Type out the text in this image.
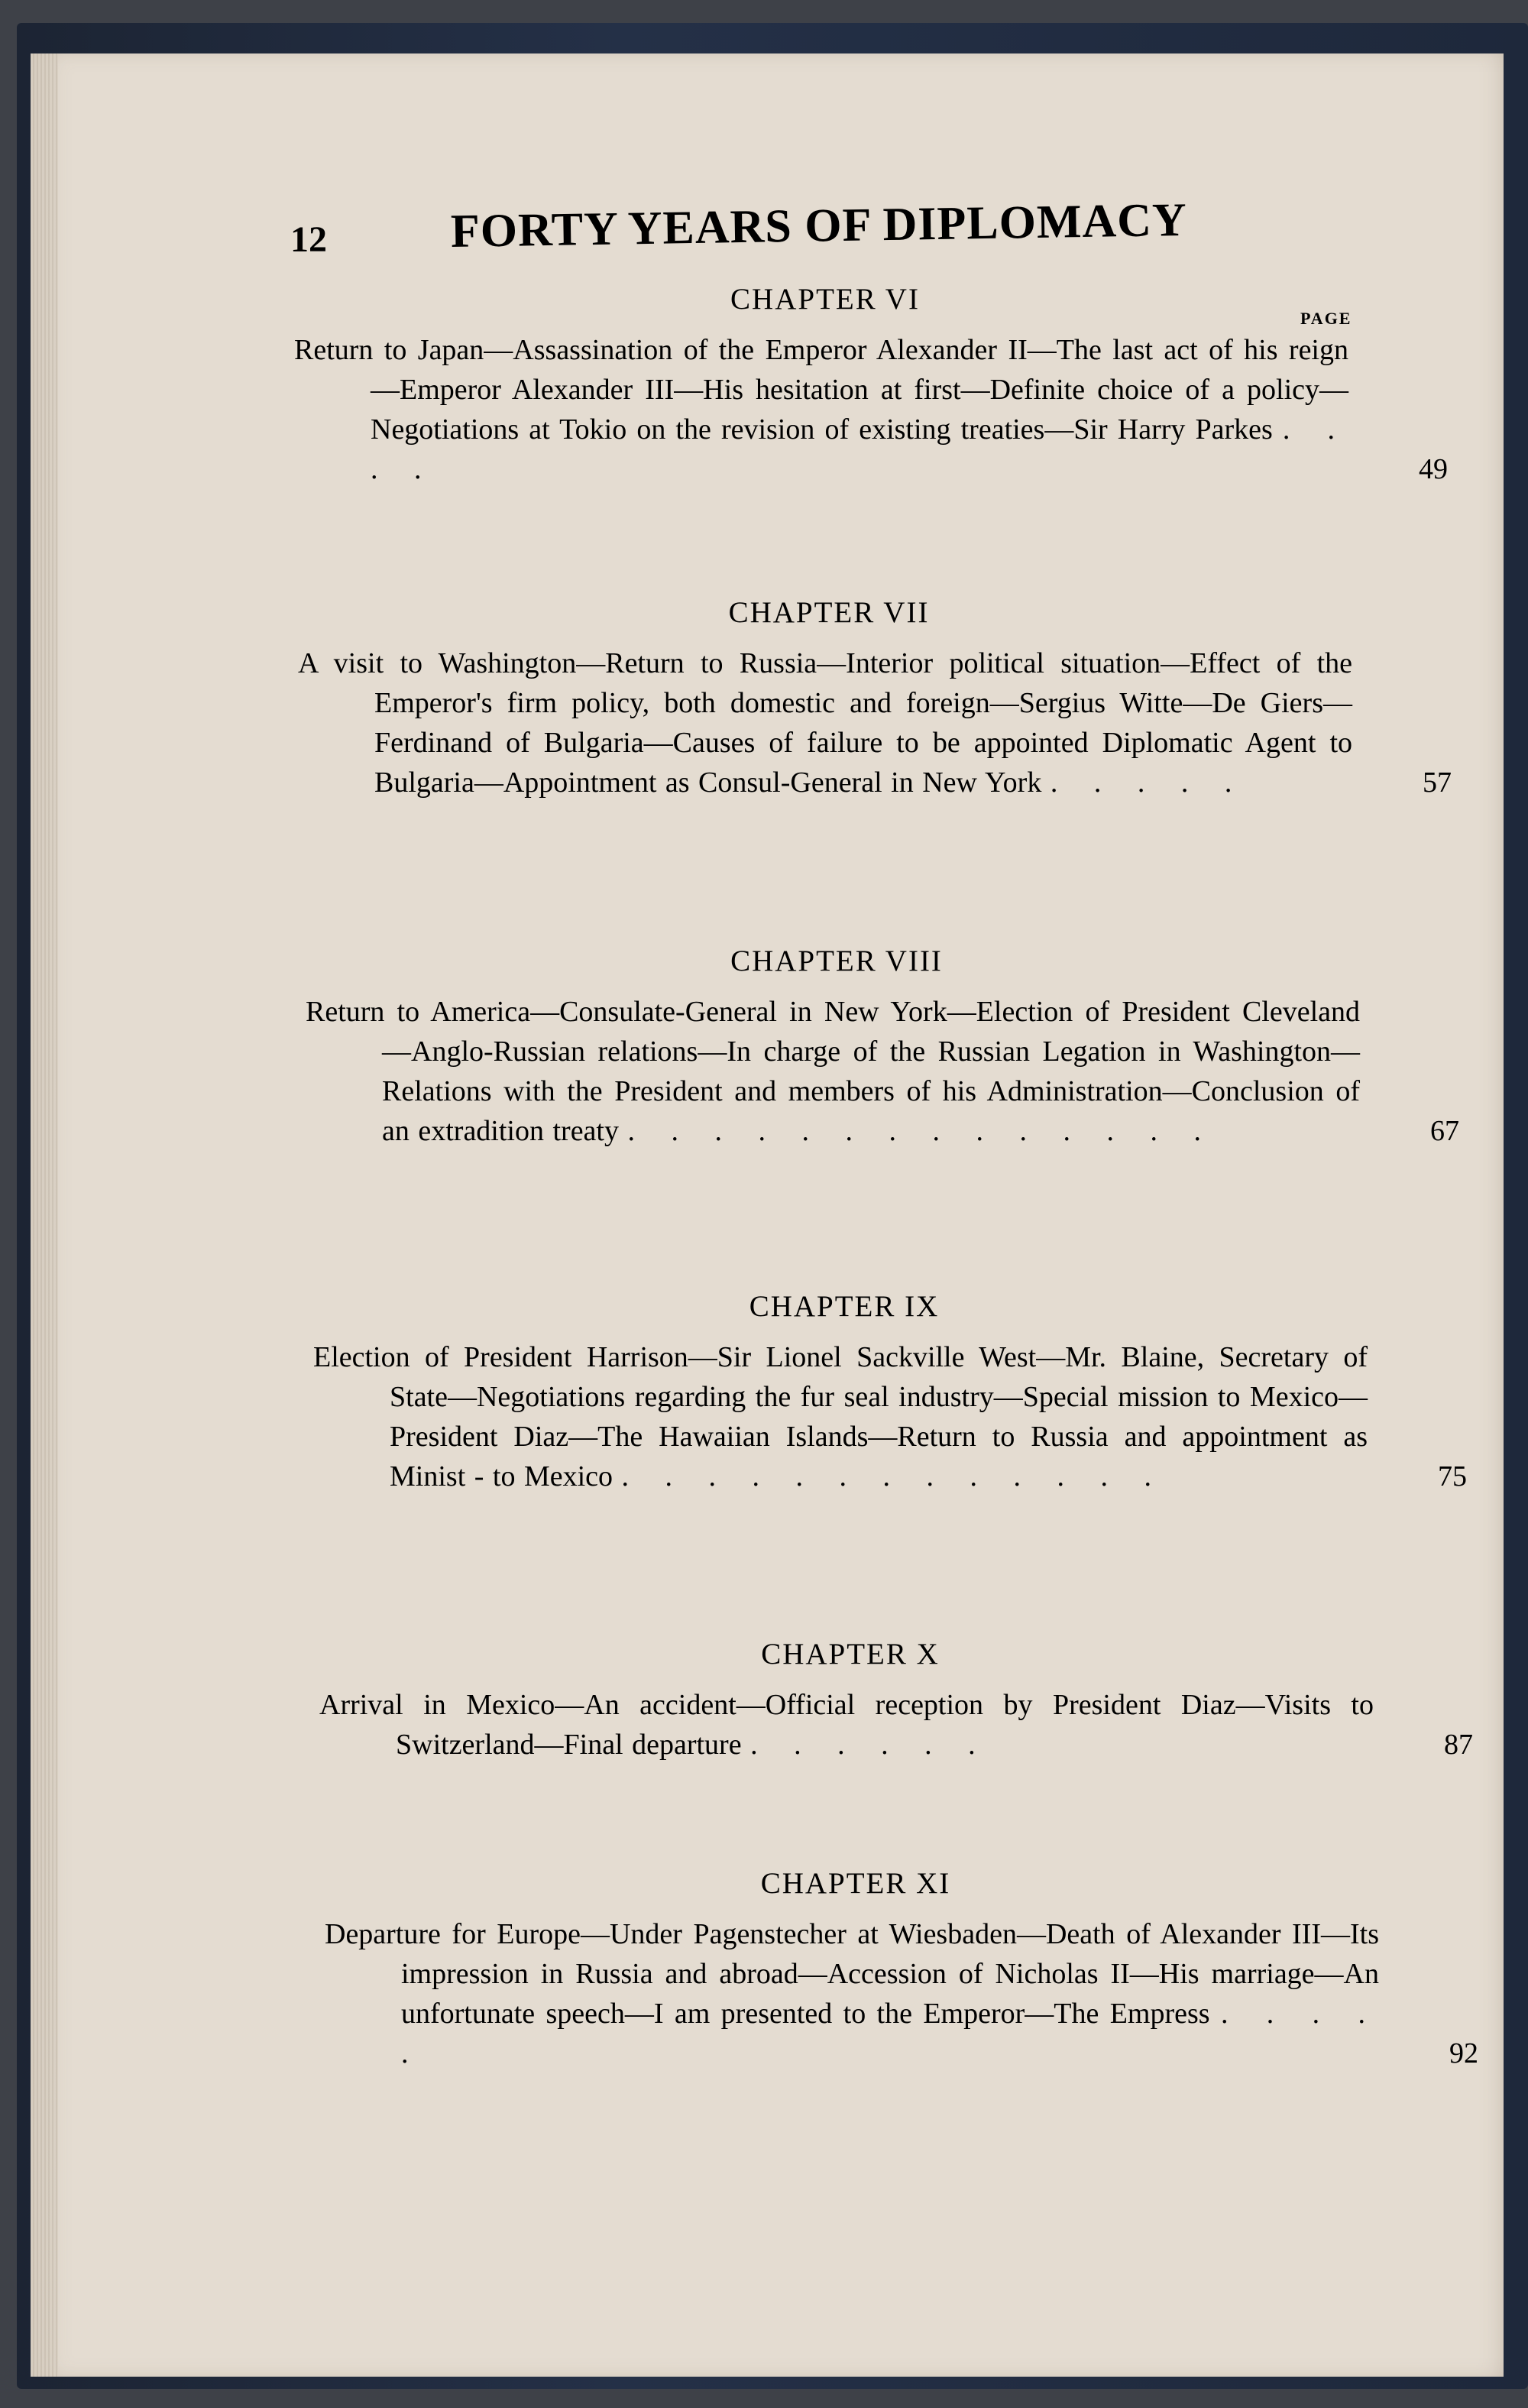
12	FORTY YEARS OF DIPLOMACY
PAGE
CHAPTER VI
Return to Japan—Assassination of the Emperor Alexander II—The last act of his reign—Emperor Alexander III—His hesitation at first—Definite choice of a policy—Negotiations at Tokio on the revision of existing treaties—Sir Harry Parkes . . . .	49
CHAPTER VII
A visit to Washington—Return to Russia—Interior political situation—Effect of the Emperor's firm policy, both domestic and foreign—Sergius Witte—De Giers—Ferdinand of Bulgaria—Causes of failure to be appointed Diplomatic Agent to Bulgaria—Appointment as Consul-General in New York . . . . .	57
CHAPTER VIII
Return to America—Consulate-General in New York—Election of President Cleveland—Anglo-Russian relations—In charge of the Russian Legation in Washington—Relations with the President and members of his Administration—Conclusion of an extradition treaty . . . . . . . . . . . . . .	67
CHAPTER IX
Election of President Harrison—Sir Lionel Sackville West—Mr. Blaine, Secretary of State—Negotiations regarding the fur seal industry—Special mission to Mexico—President Diaz—The Hawaiian Islands—Return to Russia and appointment as Minist - to Mexico . . . . . . . . . . . . .	75
CHAPTER X
Arrival in Mexico—An accident—Official reception by President Diaz—Visits to Switzerland—Final departure . . . . . .	87
CHAPTER XI
Departure for Europe—Under Pagenstecher at Wiesbaden—Death of Alexander III—Its impression in Russia and abroad—Accession of Nicholas II—His marriage—An unfortunate speech—I am presented to the Emperor—The Empress . . . . .	92
